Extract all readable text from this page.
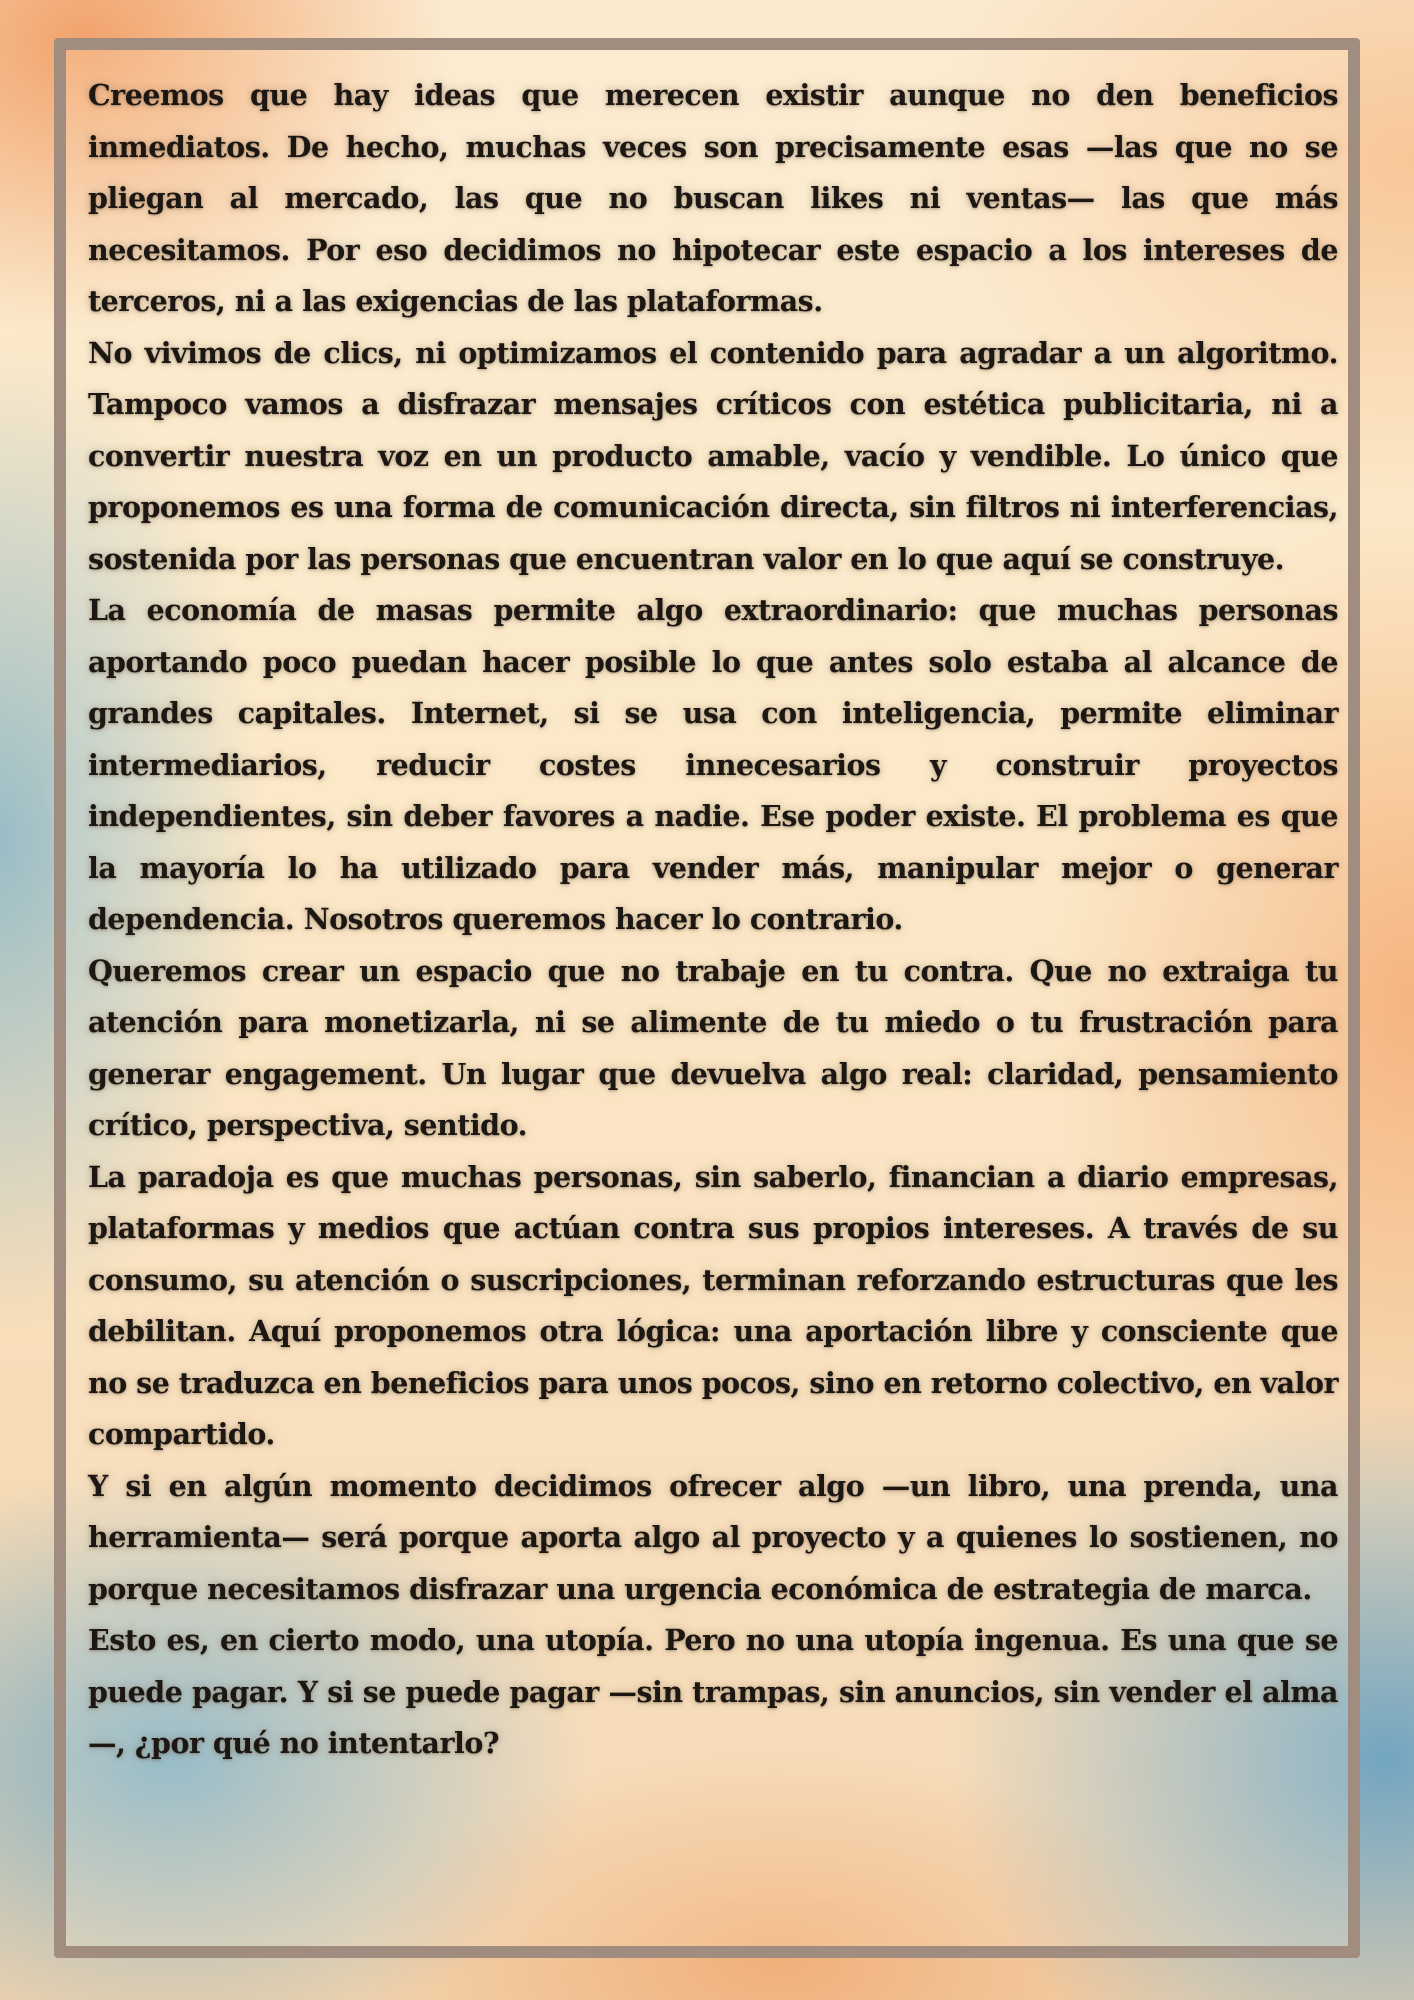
Creemos que hay ideas que merecen existir aunque no den beneficios inmediatos. De hecho, muchas veces son precisamente esas —las que no se pliegan al mercado, las que no buscan likes ni ventas— las que más necesitamos. Por eso decidimos no hipotecar este espacio a los intereses de terceros, ni a las exigencias de las plataformas.

No vivimos de clics, ni optimizamos el contenido para agradar a un algoritmo. Tampoco vamos a disfrazar mensajes críticos con estética publicitaria, ni a convertir nuestra voz en un producto amable, vacío y vendible. Lo único que proponemos es una forma de comunicación directa, sin filtros ni interferencias, sostenida por las personas que encuentran valor en lo que aquí se construye.

La economía de masas permite algo extraordinario: que muchas personas aportando poco puedan hacer posible lo que antes solo estaba al alcance de grandes capitales. Internet, si se usa con inteligencia, permite eliminar intermediarios, reducir costes innecesarios y construir proyectos independientes, sin deber favores a nadie. Ese poder existe. El problema es que la mayoría lo ha utilizado para vender más, manipular mejor o generar dependencia. Nosotros queremos hacer lo contrario.

Queremos crear un espacio que no trabaje en tu contra. Que no extraiga tu atención para monetizarla, ni se alimente de tu miedo o tu frustración para generar engagement. Un lugar que devuelva algo real: claridad, pensamiento crítico, perspectiva, sentido.

La paradoja es que muchas personas, sin saberlo, financian a diario empresas, plataformas y medios que actúan contra sus propios intereses. A través de su consumo, su atención o suscripciones, terminan reforzando estructuras que les debilitan. Aquí proponemos otra lógica: una aportación libre y consciente que no se traduzca en beneficios para unos pocos, sino en retorno colectivo, en valor compartido.

Y si en algún momento decidimos ofrecer algo —un libro, una prenda, una herramienta— será porque aporta algo al proyecto y a quienes lo sostienen, no porque necesitamos disfrazar una urgencia económica de estrategia de marca.

Esto es, en cierto modo, una utopía. Pero no una utopía ingenua. Es una que se puede pagar. Y si se puede pagar —sin trampas, sin anuncios, sin vender el alma—, ¿por qué no intentarlo?
